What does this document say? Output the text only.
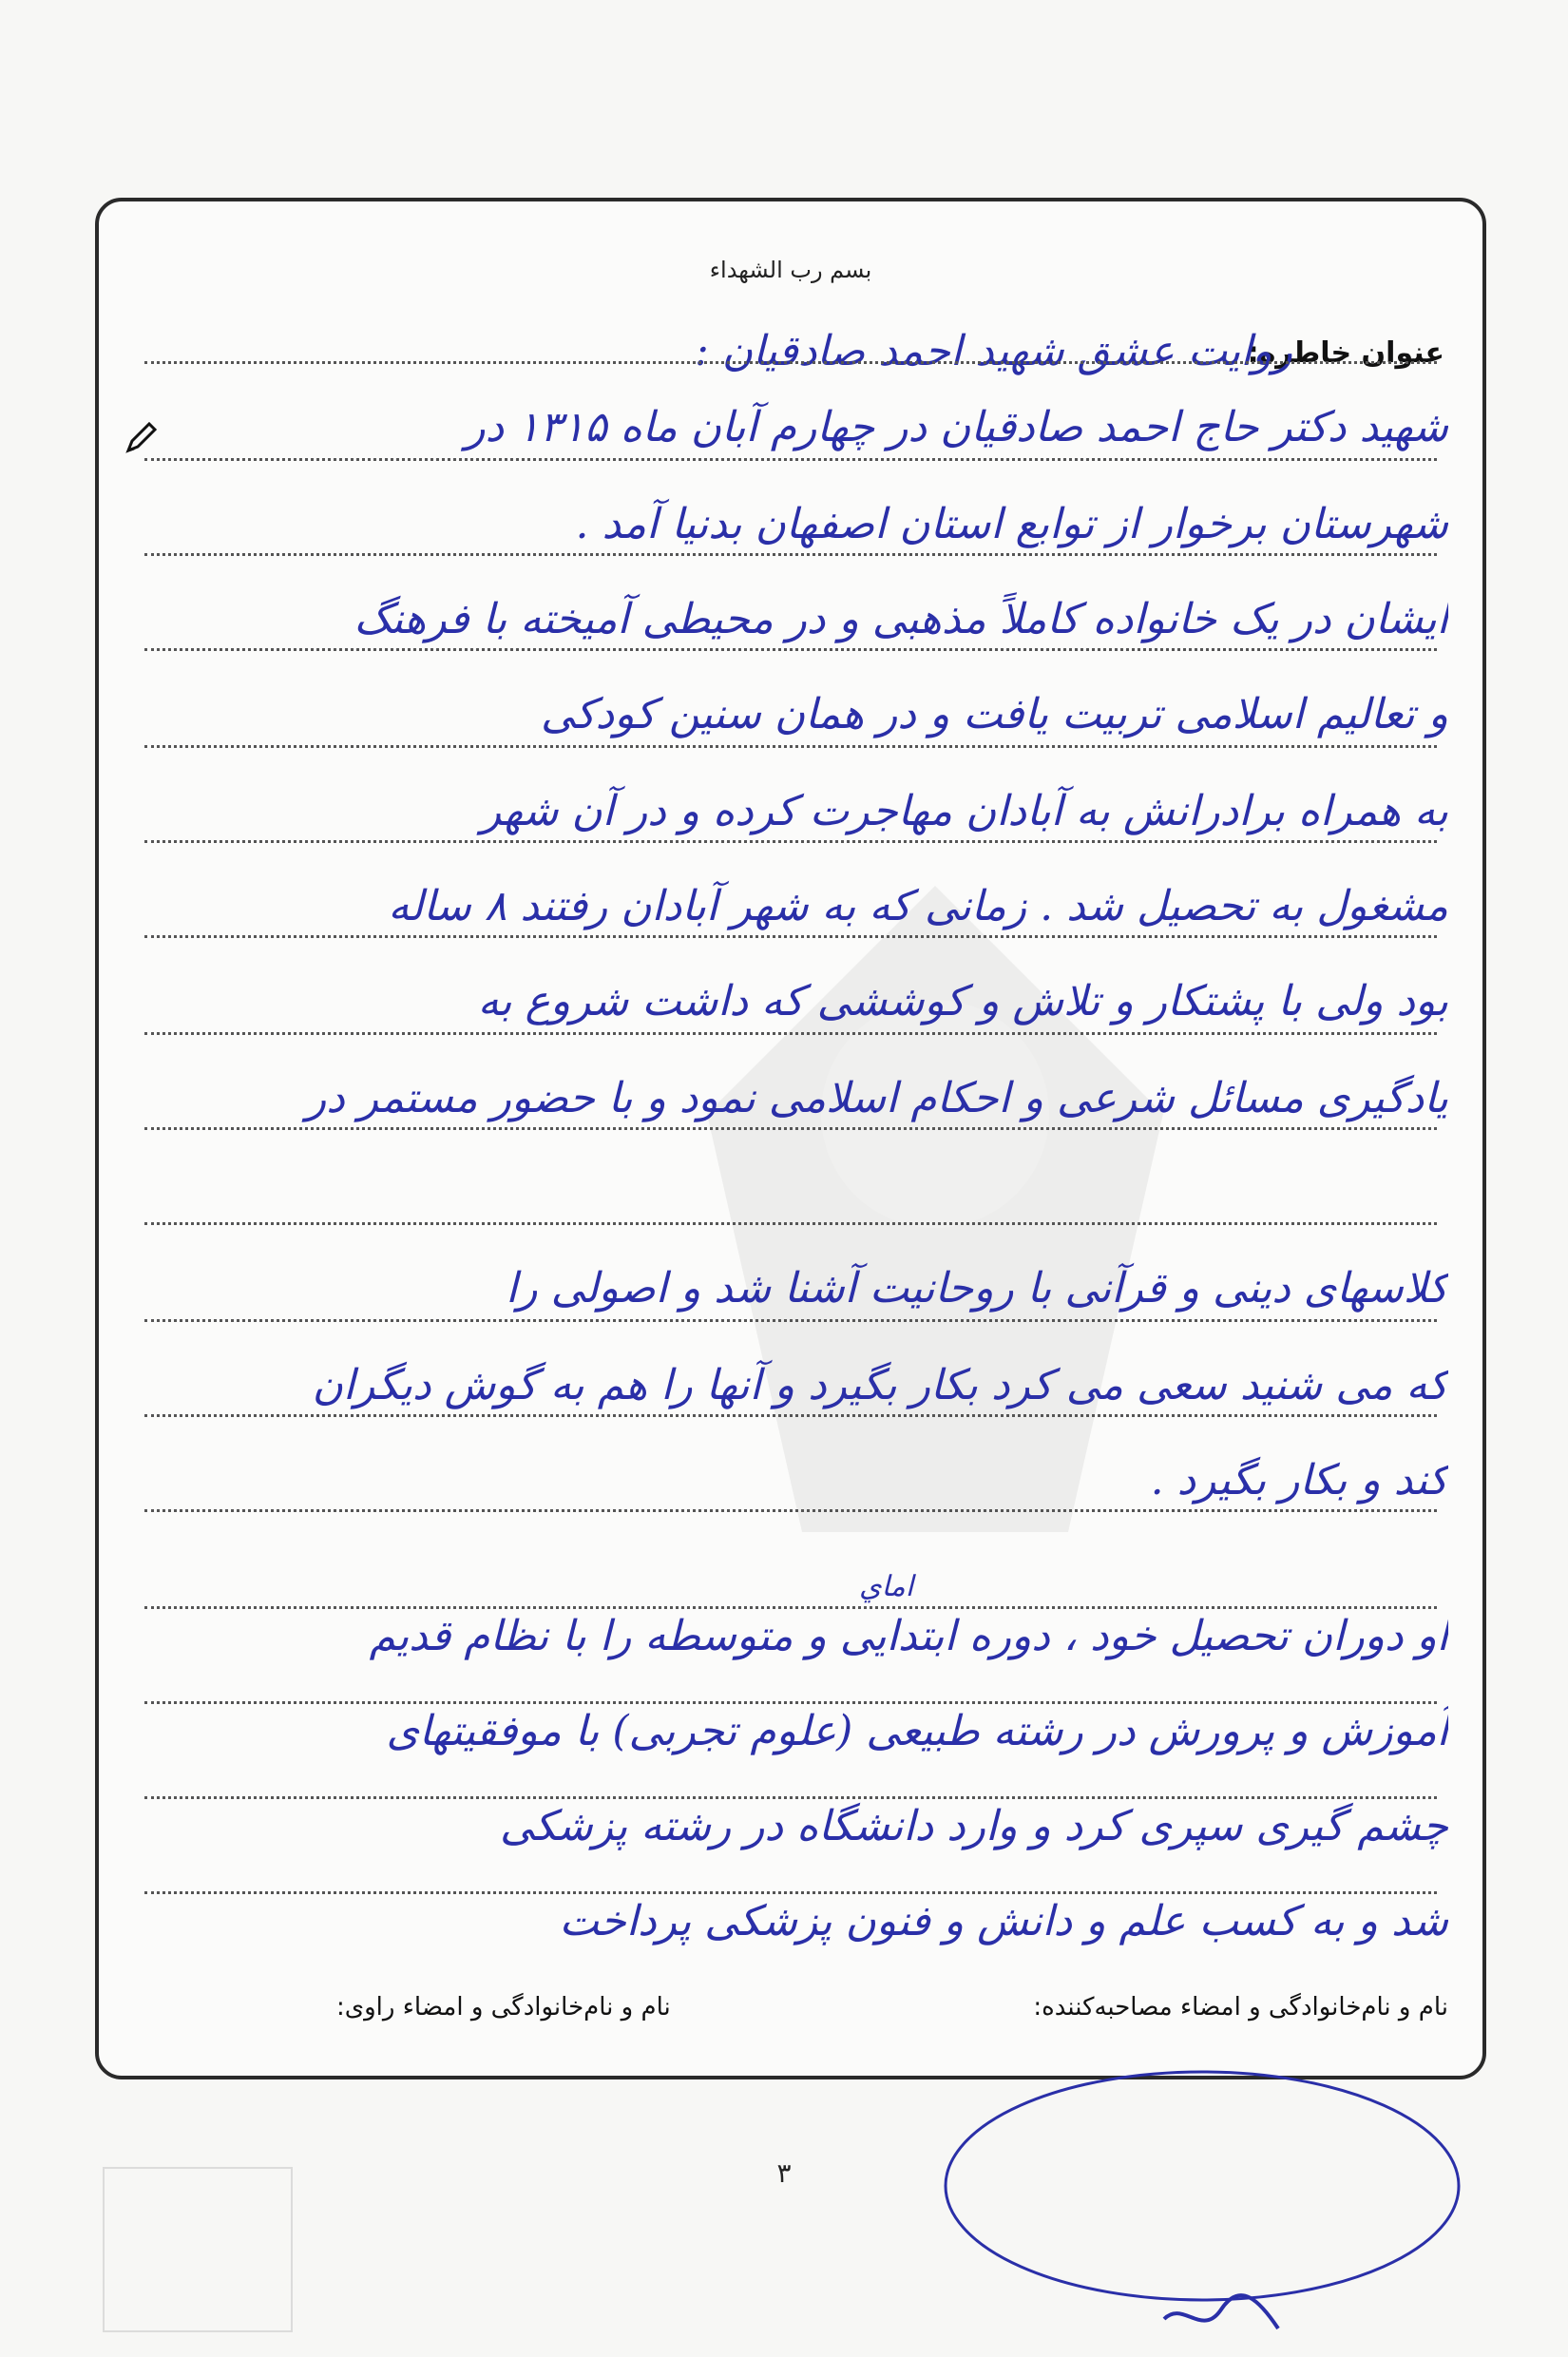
بسم رب الشهداء
عنوان خاطره:
روایت عشق شهید احمد صادقیان :
شهید دکتر حاج احمد صادقیان در چهارم آبان ماه ۱۳۱۵ در
شهرستان برخوار از توابع استان اصفهان بدنیا آمد .
ایشان در یک خانواده کاملاً مذهبی و در محیطی آمیخته با فرهنگ
و تعالیم اسلامی تربیت یافت و در همان سنین کودکی
به همراه برادرانش به آبادان مهاجرت کرده و در آن شهر
مشغول به تحصیل شد . زمانی که به شهر آبادان رفتند ۸ ساله
بود ولی با پشتکار و تلاش و کوششی که داشت شروع به
یادگیری مسائل شرعی و احکام اسلامی نمود و با حضور مستمر در
کلاسهای دینی و قرآنی با روحانیت آشنا شد و اصولی را
که می شنید سعی می کرد بکار بگیرد و آنها را هم به گوش دیگران
کند و بکار بگیرد .
او دوران تحصیل خود ، دوره ابتدایی و متوسطه را با نظام قدیم
آموزش و پرورش در رشته طبیعی (علوم تجربی) با موفقیتهای
چشم گیری سپری کرد و وارد دانشگاه در رشته پزشکی
شد و به کسب علم و دانش و فنون پزشکی پرداخت
اماي
نام و نام‌خانوادگی و امضاء مصاحبه‌کننده:
نام و نام‌خانوادگی و امضاء راوی:
۳
